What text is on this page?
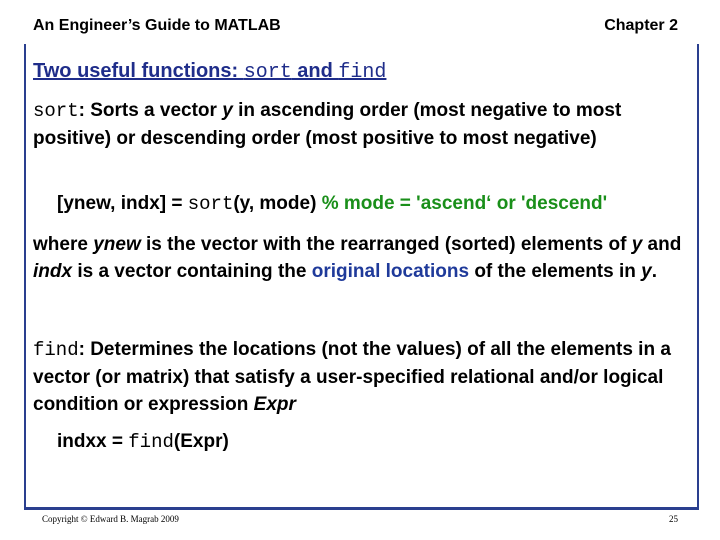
An Engineer’s Guide to MATLAB	Chapter 2
Two useful functions: sort and find
sort: Sorts a vector y in ascending order (most negative to most positive) or descending order (most positive to most negative)
[ynew, indx] = sort(y, mode) % mode = 'ascend‘ or 'descend'
where ynew is the vector with the rearranged (sorted) elements of y and indx is a vector containing the original locations of the elements in y.
find: Determines the locations (not the values) of all the elements in a vector (or matrix) that satisfy a user-specified relational and/or logical condition or expression Expr
indxx = find(Expr)
Copyright © Edward B. Magrab 2009	25
